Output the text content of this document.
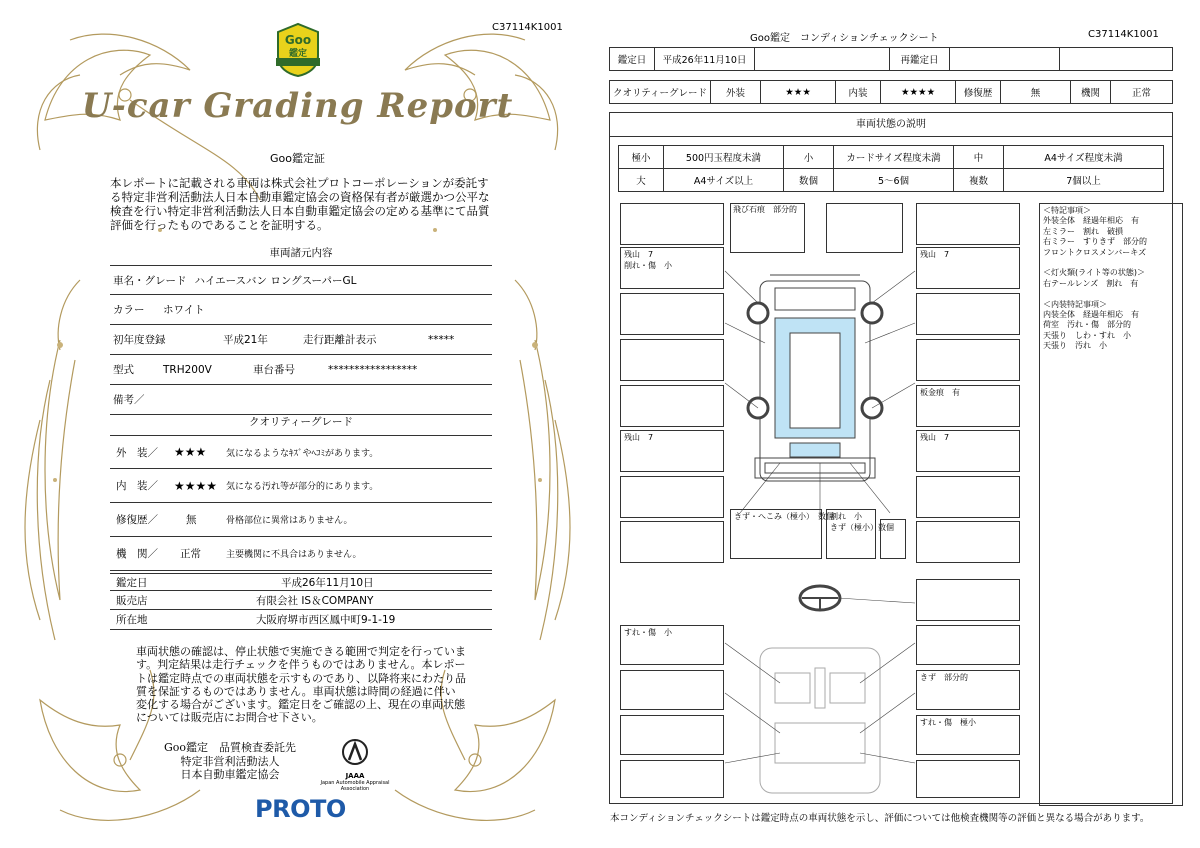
C37114K1001
Goo
鑑定
U-car Grading Report
Goo鑑定証
本レポートに記載される車両は株式会社プロトコーポレーションが委託する特定非営利活動法人日本自動車鑑定協会の資格保有者が厳選かつ公平な検査を行い特定非営利活動法人日本自動車鑑定協会の定める基準にて品質評価を行ったものであることを証明する。
車両諸元内容
車名・グレード ハイエースバン ロングスーパーGL
カラー	ホワイト
初年度登録	平成21年	走行距離計表示	*****
型式	TRH200V	車台番号	*****************
備考／
クオリティーグレード
外　装／	★★★	気になるようなｷｽﾞやﾍｺﾐがあります。
内　装／	★★★★ 気になる汚れ等が部分的にあります。
修復歴／	無	骨格部位に異常はありません。
機　関／	正常	主要機関に不具合はありません。
鑑定日	平成26年11月10日
販売店	有限会社 IS＆COMPANY
所在地	大阪府堺市西区鳳中町9-1-19
車両状態の確認は、停止状態で実施できる範囲で判定を行っています。判定結果は走行チェックを伴うものではありません。本レポートは鑑定時点での車両状態を示すものであり、以降将来にわたり品質を保証するものではありません。車両状態は時間の経過に伴い変化する場合がございます。鑑定日をご確認の上、現在の車両状態については販売店にお問合せ下さい。
Goo鑑定　品質検査委託先
特定非営利活動法人
日本自動車鑑定協会	JAAA
Japan Automobile Appraisal Association
PROTO
Goo鑑定　コンディションチェックシート	C37114K1001
鑑定日	平成26年11月10日		再鑑定日		
クオリティーグレード	外装	★★★	内装	★★★★	修復歴	無	機関	正常
車両状態の説明
極小	500円玉程度未満	小	カードサイズ程度未満	中	A4サイズ程度未満
大	A4サイズ以上	数個	5～6個	複数	7個以上
残山　7
削れ・傷　小
残山　7
飛び石痕　部分的
残山　7
板金痕　有
残山　7
きず・へこみ（極小）　数個
割れ　小
きず（極小）数個
すれ・傷　小
きず　部分的
すれ・傷　極小
＜特記事項＞
外装全体　経過年相応　有
左ミラー　割れ　破損
右ミラー　すりきず　部分的
フロントクロスメンバーキズ

＜灯火類(ライト等の状態)＞
右テールレンズ　割れ　有

＜内装特記事項＞
内装全体　経過年相応　有
荷室　汚れ・傷　部分的
天張り　しわ・すれ　小
天張り　汚れ　小
本コンディションチェックシートは鑑定時点の車両状態を示し、評価については他検査機関等の評価と異なる場合があります。
